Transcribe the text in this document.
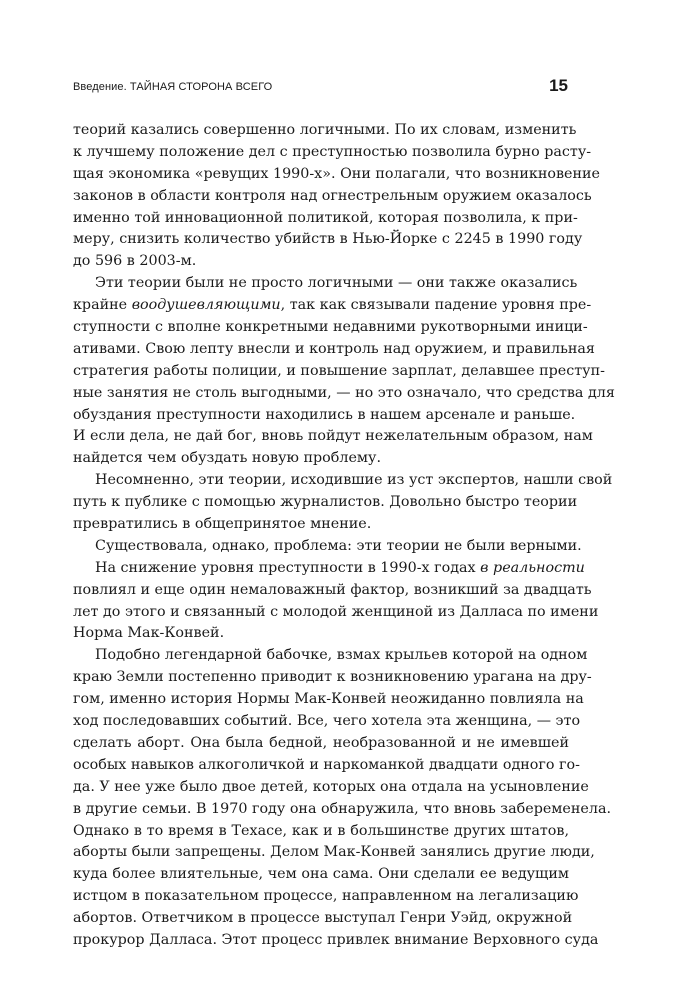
Введение. ТАЙНАЯ СТОРОНА ВСЕГО	15
теорий казались совершенно логичными. По их словам, изменить
к лучшему положение дел с преступностью позволила бурно расту-
щая экономика «ревущих 1990-х». Они полагали, что возникновение
законов в области контроля над огнестрельным оружием оказалось
именно той инновационной политикой, которая позволила, к при-
меру, снизить количество убийств в Нью-Йорке с 2245 в 1990 году
до 596 в 2003-м.
Эти теории были не просто логичными — они также оказались
крайне воодушевляющими, так как связывали падение уровня пре-
ступности с вполне конкретными недавними рукотворными иници-
ативами. Свою лепту внесли и контроль над оружием, и правильная
стратегия работы полиции, и повышение зарплат, делавшее преступ-
ные занятия не столь выгодными, — но это означало, что средства для
обуздания преступности находились в нашем арсенале и раньше.
И если дела, не дай бог, вновь пойдут нежелательным образом, нам
найдется чем обуздать новую проблему.
Несомненно, эти теории, исходившие из уст экспертов, нашли свой
путь к публике с помощью журналистов. Довольно быстро теории
превратились в общепринятое мнение.
Существовала, однако, проблема: эти теории не были верными.
На снижение уровня преступности в 1990-х годах в реальности
повлиял и еще один немаловажный фактор, возникший за двадцать
лет до этого и связанный с молодой женщиной из Далласа по имени
Норма Мак-Конвей.
Подобно легендарной бабочке, взмах крыльев которой на одном
краю Земли постепенно приводит к возникновению урагана на дру-
гом, именно история Нормы Мак-Конвей неожиданно повлияла на
ход последовавших событий. Все, чего хотела эта женщина, — это
сделать аборт. Она была бедной, необразованной и не имевшей
особых навыков алкоголичкой и наркоманкой двадцати одного го-
да. У нее уже было двое детей, которых она отдала на усыновление
в другие семьи. В 1970 году она обнаружила, что вновь забеременела.
Однако в то время в Техасе, как и в большинстве других штатов,
аборты были запрещены. Делом Мак-Конвей занялись другие люди,
куда более влиятельные, чем она сама. Они сделали ее ведущим
истцом в показательном процессе, направленном на легализацию
абортов. Ответчиком в процессе выступал Генри Уэйд, окружной
прокурор Далласа. Этот процесс привлек внимание Верховного суда
